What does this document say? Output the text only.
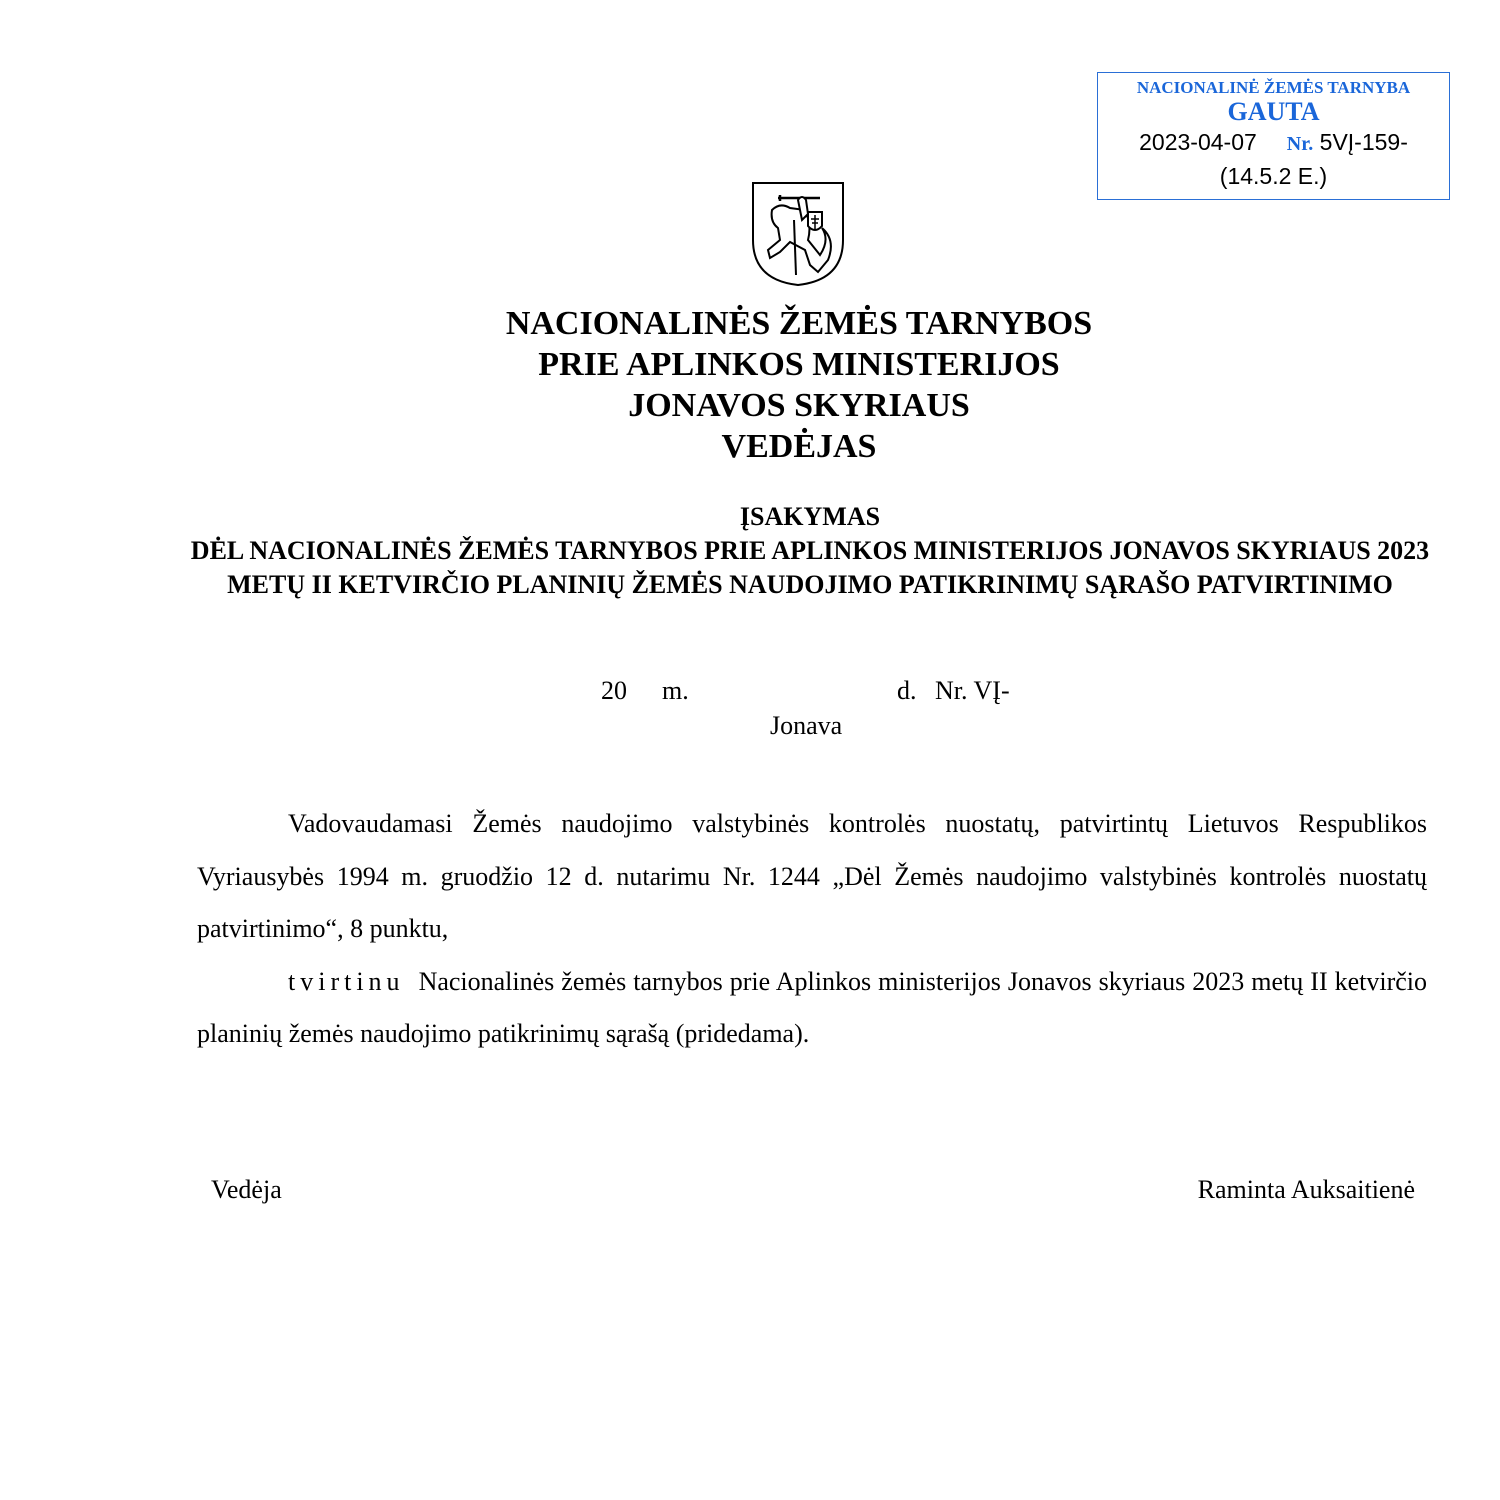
NACIONALINĖ ŽEMĖS TARNYBA
GAUTA
2023-04-07 Nr. 5VĮ-159-
(14.5.2 E.)
NACIONALINĖS ŽEMĖS TARNYBOS
PRIE APLINKOS MINISTERIJOS
JONAVOS SKYRIAUS
VEDĖJAS
ĮSAKYMAS
DĖL NACIONALINĖS ŽEMĖS TARNYBOS PRIE APLINKOS MINISTERIJOS JONAVOS SKYRIAUS 2023 METŲ II KETVIRČIO PLANINIŲ ŽEMĖS NAUDOJIMO PATIKRINIMŲ SĄRAŠO PATVIRTINIMO
20 m.	d. Nr. VĮ-
Jonava

Vadovaudamasi Žemės naudojimo valstybinės kontrolės nuostatų, patvirtintų Lietuvos Respublikos Vyriausybės 1994 m. gruodžio 12 d. nutarimu Nr. 1244 „Dėl Žemės naudojimo valstybinės kontrolės nuostatų patvirtinimo“, 8 punktu,

tvirtinu Nacionalinės žemės tarnybos prie Aplinkos ministerijos Jonavos skyriaus 2023 metų II ketvirčio planinių žemės naudojimo patikrinimų sąrašą (pridedama).

Vedėja	Raminta Auksaitienė
